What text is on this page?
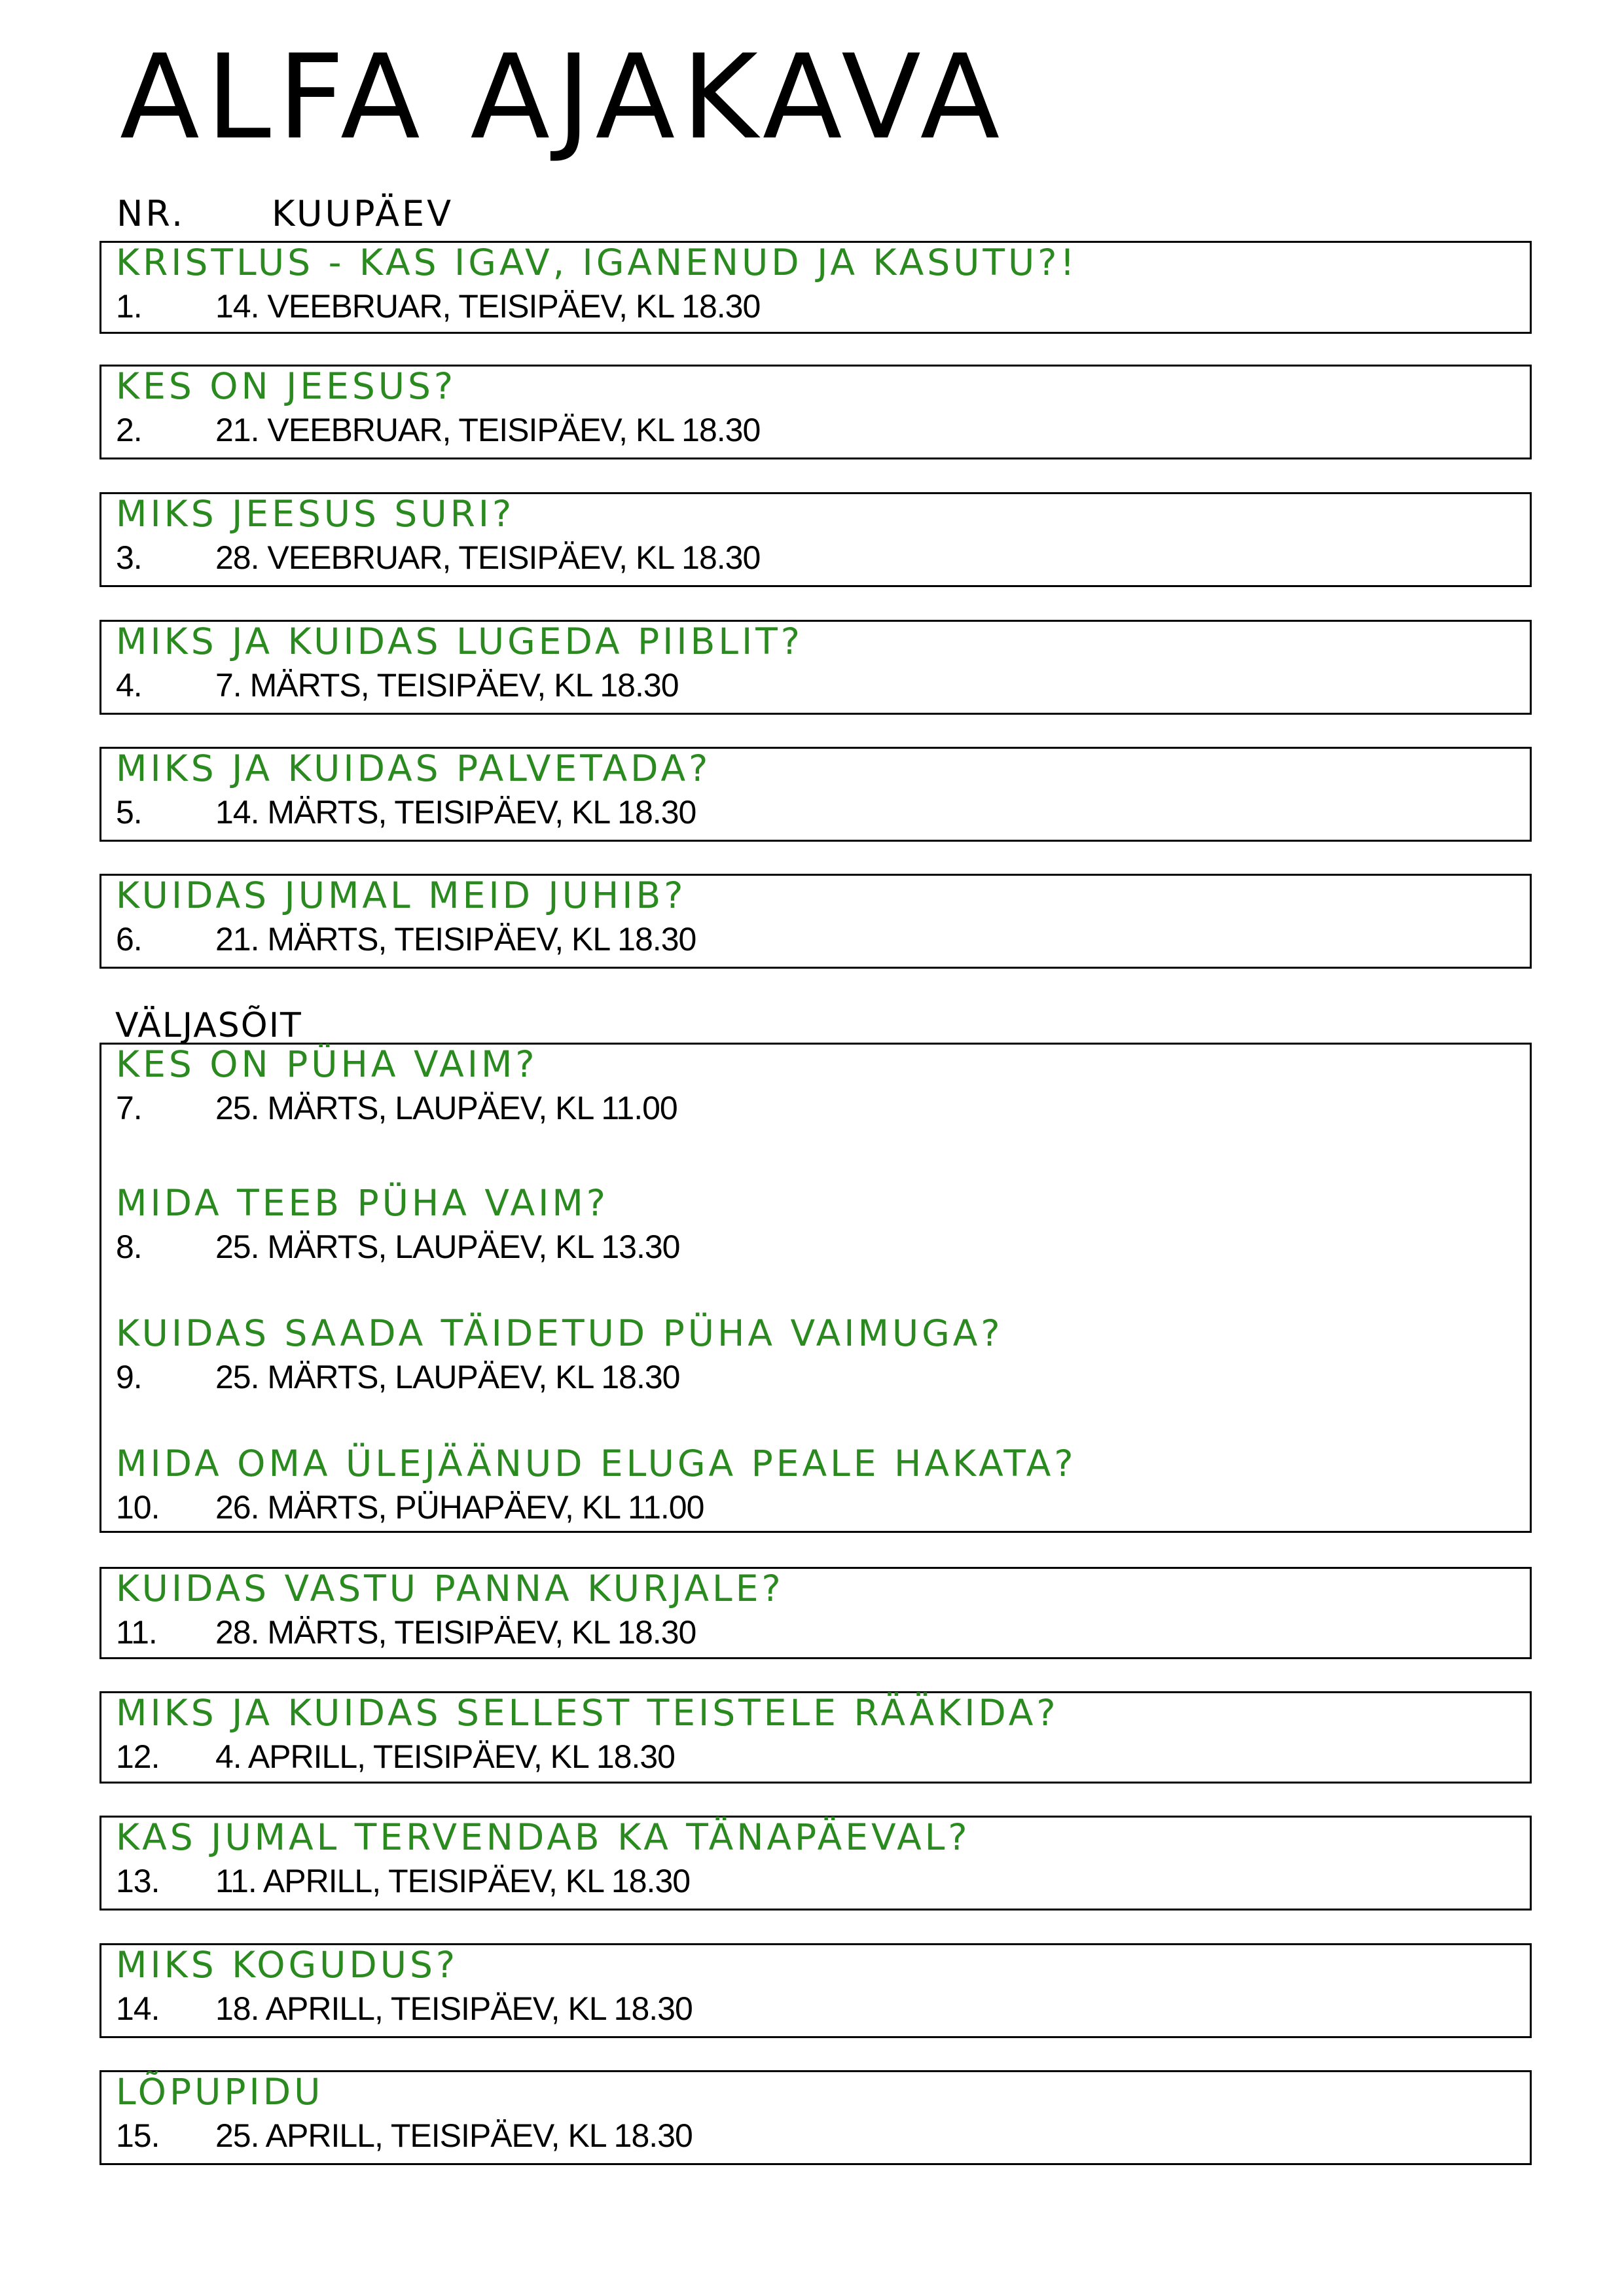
ALFA AJAKAVA
NR. KUUPÄEV
VÄLJASÕIT
KRISTLUS - KAS IGAV, IGANENUD JA KASUTU?!
1. 14. VEEBRUAR, TEISIPÄEV, KL 18.30
KES ON JEESUS?
2. 21. VEEBRUAR, TEISIPÄEV, KL 18.30
MIKS JEESUS SURI?
3. 28. VEEBRUAR, TEISIPÄEV, KL 18.30
MIKS JA KUIDAS LUGEDA PIIBLIT?
4. 7. MÄRTS, TEISIPÄEV, KL 18.30
MIKS JA KUIDAS PALVETADA?
5. 14. MÄRTS, TEISIPÄEV, KL 18.30
KUIDAS JUMAL MEID JUHIB?
6. 21. MÄRTS, TEISIPÄEV, KL 18.30
KES ON PÜHA VAIM?
7. 25. MÄRTS, LAUPÄEV, KL 11.00
MIDA TEEB PÜHA VAIM?
8. 25. MÄRTS, LAUPÄEV, KL 13.30
KUIDAS SAADA TÄIDETUD PÜHA VAIMUGA?
9. 25. MÄRTS, LAUPÄEV, KL 18.30
MIDA OMA ÜLEJÄÄNUD ELUGA PEALE HAKATA?
10. 26. MÄRTS, PÜHAPÄEV, KL 11.00
KUIDAS VASTU PANNA KURJALE?
11. 28. MÄRTS, TEISIPÄEV, KL 18.30
MIKS JA KUIDAS SELLEST TEISTELE RÄÄKIDA?
12. 4. APRILL, TEISIPÄEV, KL 18.30
KAS JUMAL TERVENDAB KA TÄNAPÄEVAL?
13. 11. APRILL, TEISIPÄEV, KL 18.30
MIKS KOGUDUS?
14. 18. APRILL, TEISIPÄEV, KL 18.30
LÕPUPIDU
15. 25. APRILL, TEISIPÄEV, KL 18.30
